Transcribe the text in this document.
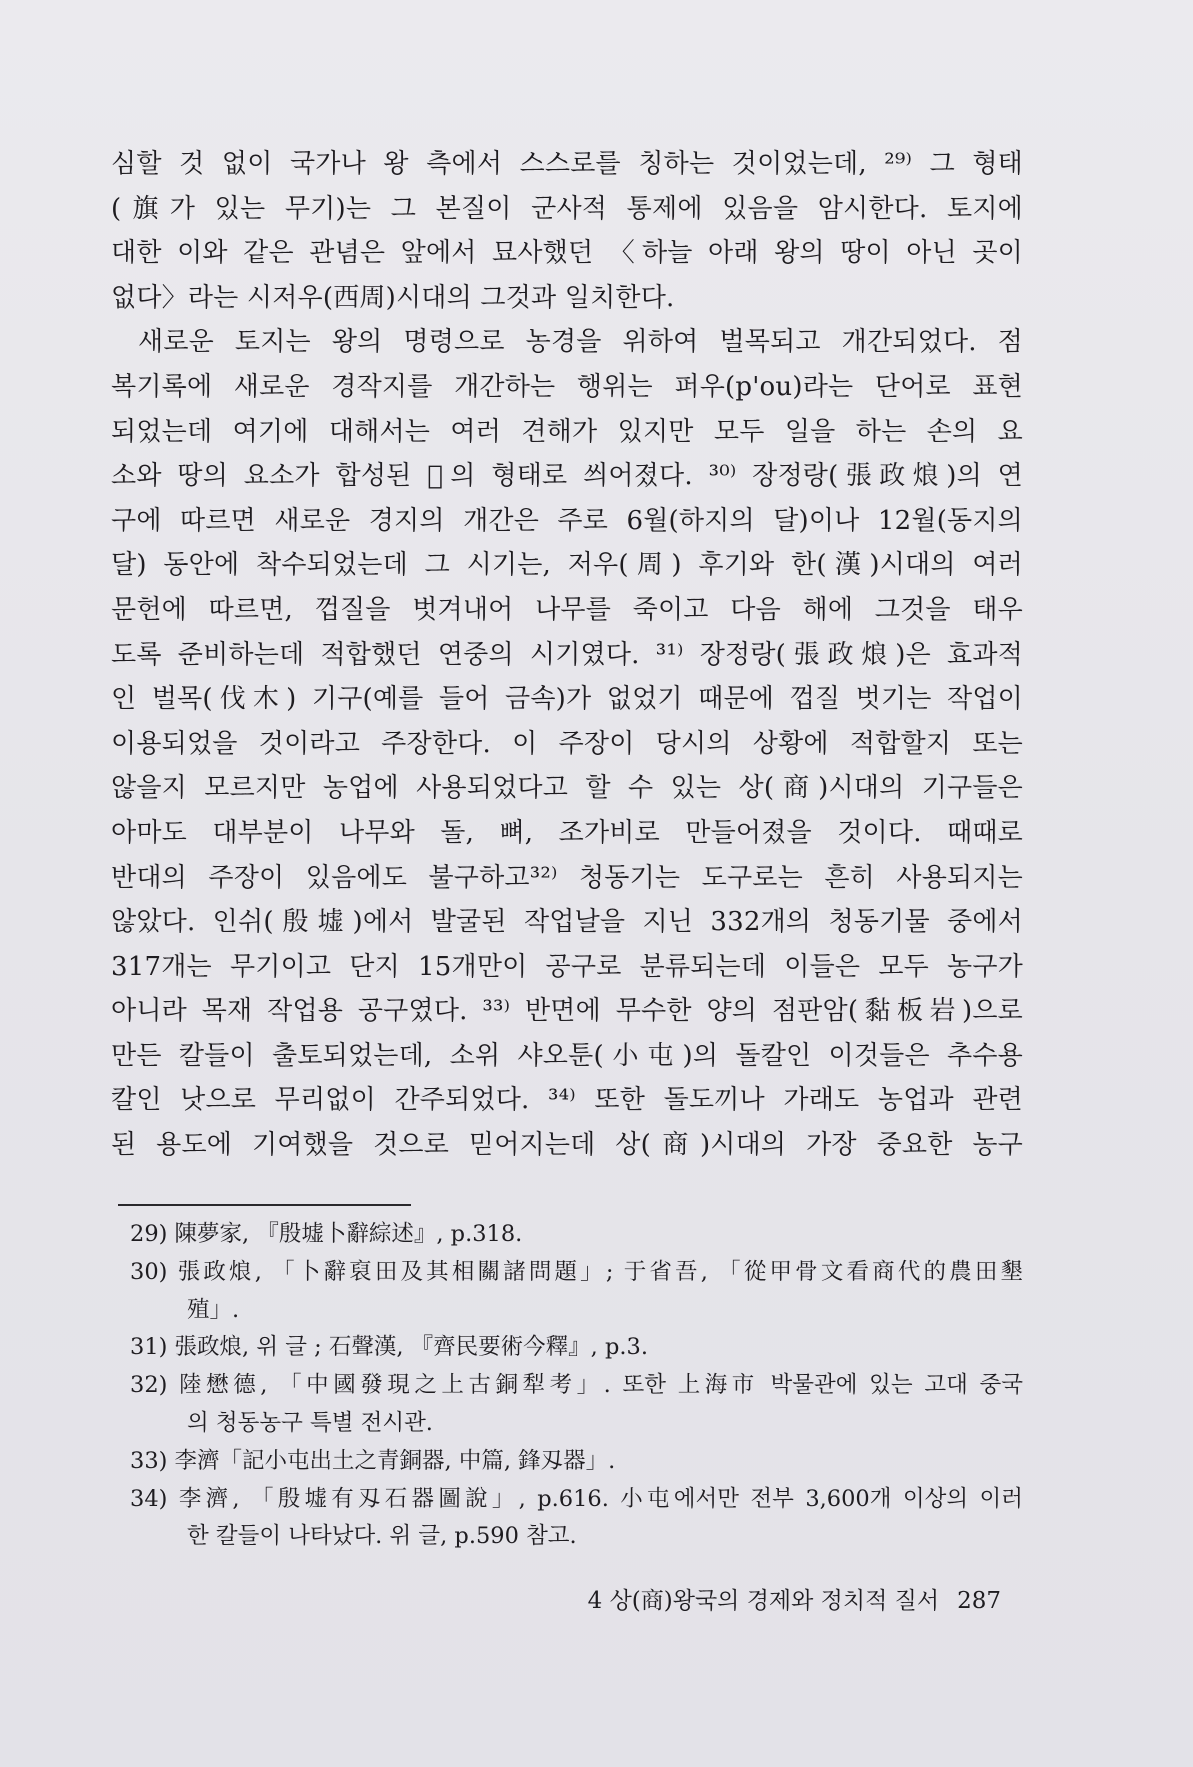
심할 것 없이 국가나 왕 측에서 스스로를 칭하는 것이었는데, ²⁹⁾ 그 형태
(旗가 있는 무기)는 그 본질이 군사적 통제에 있음을 암시한다. 토지에
대한 이와 같은 관념은 앞에서 묘사했던 〈하늘 아래 왕의 땅이 아닌 곳이
없다〉라는 시저우(西周)시대의 그것과 일치한다.
새로운 토지는 왕의 명령으로 농경을 위하여 벌목되고 개간되었다. 점
복기록에 새로운 경작지를 개간하는 행위는 퍼우(p'ou)라는 단어로 표현
되었는데 여기에 대해서는 여러 견해가 있지만 모두 일을 하는 손의 요
소와 땅의 요소가 합성된 𤰔의 형태로 씌어졌다. ³⁰⁾ 장정랑(張政烺)의 연
구에 따르면 새로운 경지의 개간은 주로 6월(하지의 달)이나 12월(동지의
달) 동안에 착수되었는데 그 시기는, 저우(周) 후기와 한(漢)시대의 여러
문헌에 따르면, 껍질을 벗겨내어 나무를 죽이고 다음 해에 그것을 태우
도록 준비하는데 적합했던 연중의 시기였다. ³¹⁾ 장정랑(張政烺)은 효과적
인 벌목(伐木) 기구(예를 들어 금속)가 없었기 때문에 껍질 벗기는 작업이
이용되었을 것이라고 주장한다. 이 주장이 당시의 상황에 적합할지 또는
않을지 모르지만 농업에 사용되었다고 할 수 있는 상(商)시대의 기구들은
아마도 대부분이 나무와 돌, 뼈, 조가비로 만들어졌을 것이다. 때때로
반대의 주장이 있음에도 불구하고³²⁾ 청동기는 도구로는 흔히 사용되지는
않았다. 인쉬(殷墟)에서 발굴된 작업날을 지닌 332개의 청동기물 중에서
317개는 무기이고 단지 15개만이 공구로 분류되는데 이들은 모두 농구가
아니라 목재 작업용 공구였다. ³³⁾ 반면에 무수한 양의 점판암(黏板岩)으로
만든 칼들이 출토되었는데, 소위 샤오툰(小屯)의 돌칼인 이것들은 추수용
칼인 낫으로 무리없이 간주되었다. ³⁴⁾ 또한 돌도끼나 가래도 농업과 관련
된 용도에 기여했을 것으로 믿어지는데 상(商)시대의 가장 중요한 농구
29) 陳夢家, 『殷墟卜辭綜述』, p.318.
30) 張政烺, 「卜辭裒田及其相關諸問題」; 于省吾, 「從甲骨文看商代的農田墾
殖」.
31) 張政烺, 위 글 ; 石聲漢, 『齊民要術今釋』, p.3.
32) 陸懋德, 「中國發現之上古銅犁考」. 또한 上海市 박물관에 있는 고대 중국
의 청동농구 특별 전시관.
33) 李濟「記小屯出土之青銅器, 中篇, 鋒刄器」.
34) 李濟, 「殷墟有刄石器圖說」, p.616. 小屯에서만 전부 3,600개 이상의 이러
한 칼들이 나타났다. 위 글, p.590 참고.
4 상(商)왕국의 경제와 정치적 질서 287
